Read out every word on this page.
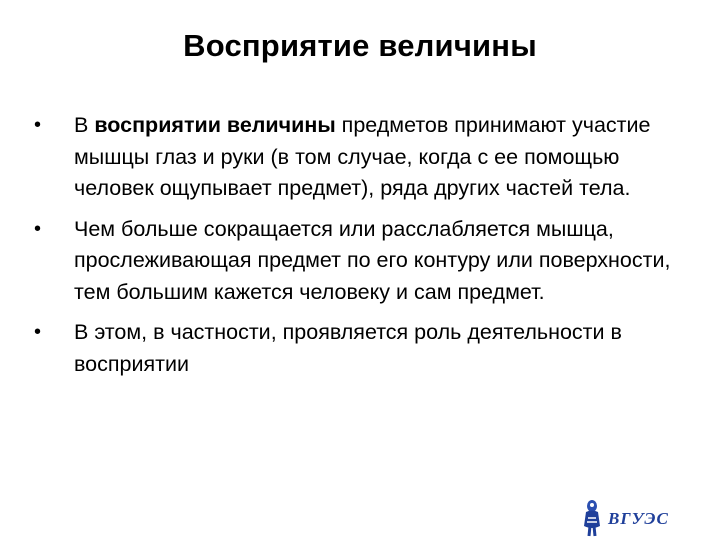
Восприятие величины
• В восприятии величины предметов принимают участие мышцы глаз и руки (в том случае, когда с ее помощью человек ощупывает предмет), ряда других частей тела.
• Чем больше сокращается или расслабляется мышца, прослеживающая предмет по его контуру или поверхности, тем большим кажется человеку и сам предмет.
• В этом, в частности, проявляется роль деятельности в восприятии
ВГУЭС
